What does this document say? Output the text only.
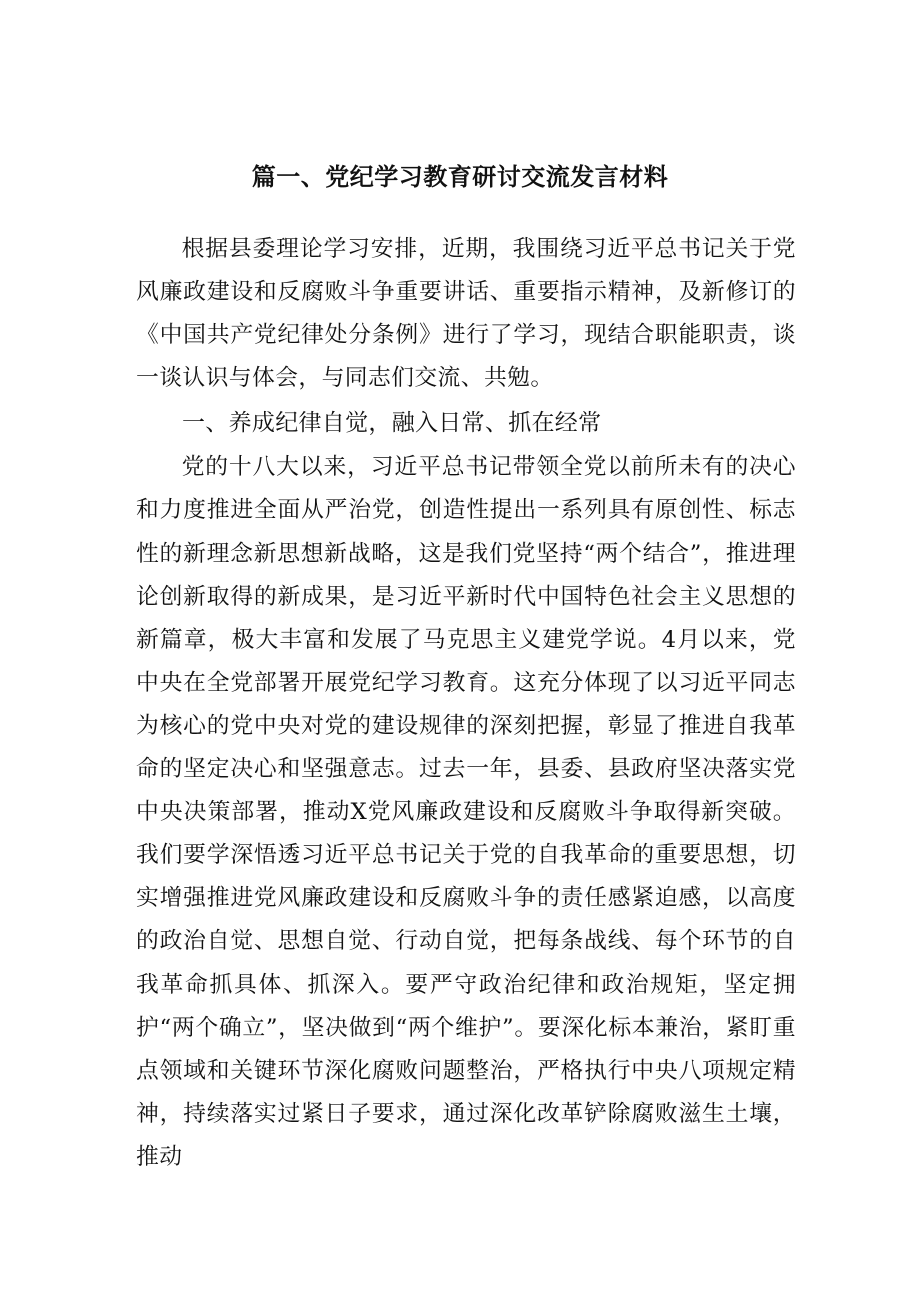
篇一、党纪学习教育研讨交流发言材料

根据县委理论学习安排，近期，我围绕习近平总书记关于党风廉政建设和反腐败斗争重要讲话、重要指示精神，及新修订的《中国共产党纪律处分条例》进行了学习，现结合职能职责，谈一谈认识与体会，与同志们交流、共勉。

一、养成纪律自觉，融入日常、抓在经常

党的十八大以来，习近平总书记带领全党以前所未有的决心和力度推进全面从严治党，创造性提出一系列具有原创性、标志性的新理念新思想新战略，这是我们党坚持“两个结合”，推进理论创新取得的新成果，是习近平新时代中国特色社会主义思想的新篇章，极大丰富和发展了马克思主义建党学说。4月以来，党中央在全党部署开展党纪学习教育。这充分体现了以习近平同志为核心的党中央对党的建设规律的深刻把握，彰显了推进自我革命的坚定决心和坚强意志。过去一年，县委、县政府坚决落实党中央决策部署，推动X党风廉政建设和反腐败斗争取得新突破。我们要学深悟透习近平总书记关于党的自我革命的重要思想，切实增强推进党风廉政建设和反腐败斗争的责任感紧迫感，以高度的政治自觉、思想自觉、行动自觉，把每条战线、每个环节的自我革命抓具体、抓深入。要严守政治纪律和政治规矩，坚定拥护“两个确立”，坚决做到“两个维护”。要深化标本兼治，紧盯重点领域和关键环节深化腐败问题整治，严格执行中央八项规定精神，持续落实过紧日子要求，通过深化改革铲除腐败滋生土壤，推动
